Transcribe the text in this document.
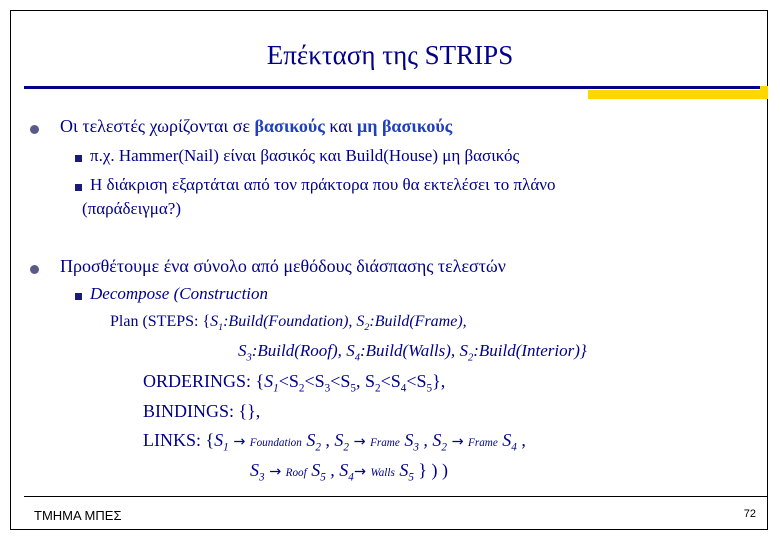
Επέκταση της STRIPS
Οι τελεστές χωρίζονται σε βασικούς και μη βασικούς
π.χ. Hammer(Nail) είναι βασικός και Build(House) μη βασικός
Η διάκριση εξαρτάται από τον πράκτορα που θα εκτελέσει το πλάνο
(παράδειγμα?)
Προσθέτουμε ένα σύνολο από μεθόδους διάσπασης τελεστών
Decompose (Construction
Plan (STEPS: {$S_1:Build(Foundation)$, $S_2:Build(Frame)$,
$S_3:Build(Roof)$, $S_4:Build(Walls)$, $S_2:Build(Interior)$}
ORDERINGS: {$S_1<S_2<S_3<S_5$, $S_2<S_4<S_5$},
BINDINGS: {},
LINKS: {$S_1$ → Foundation $S_2$ , $S_2$ → Frame $S_3$ , $S_2$ → Frame $S_4$ ,
$S_3$ → Roof $S_5$ , $S_4\to$ Walls $S_5$ } ) )
ΤΜΗΜΑ ΜΠΕΣ	72
